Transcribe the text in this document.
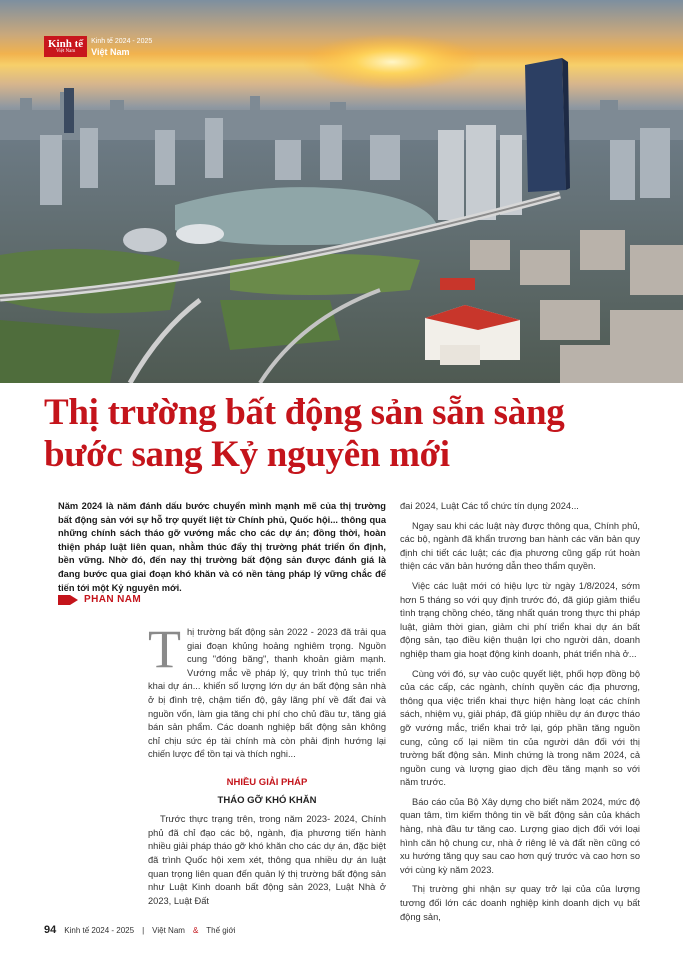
Kinh tế
Việt Nam
Kinh tế 2024 - 2025
Việt Nam
Thị trường bất động sản sẵn sàng
bước sang Kỷ nguyên mới

Năm 2024 là năm đánh dấu bước chuyển mình mạnh mẽ của thị trường bất động sản với sự hỗ trợ quyết liệt từ Chính phủ, Quốc hội... thông qua những chính sách tháo gỡ vướng mắc cho các dự án; đồng thời, hoàn thiện pháp luật liên quan, nhằm thúc đẩy thị trường phát triển ổn định, bền vững. Nhờ đó, đến nay thị trường bất động sản được đánh giá là đang bước qua giai đoạn khó khăn và có nền tảng pháp lý vững chắc để tiến tới một Kỷ nguyên mới.

PHAN NAM

Thị trường bất động sản 2022 - 2023 đã trải qua giai đoạn khủng hoảng nghiêm trọng. Nguồn cung "đóng băng", thanh khoản giảm mạnh. Vướng mắc về pháp lý, quy trình thủ tục triển khai dự án... khiến số lượng lớn dự án bất động sản nhà ở bị đình trệ, chậm tiến độ, gây lãng phí về đất đai và nguồn vốn, làm gia tăng chi phí cho chủ đầu tư, tăng giá bán sản phẩm. Các doanh nghiệp bất động sản không chỉ chịu sức ép tài chính mà còn phải định hướng lại chiến lược để tồn tại và thích nghi...

NHIỀU GIẢI PHÁP
THÁO GỠ KHÓ KHĂN

Trước thực trạng trên, trong năm 2023- 2024, Chính phủ đã chỉ đạo các bộ, ngành, địa phương tiến hành nhiều giải pháp tháo gỡ khó khăn cho các dự án, đặc biệt đã trình Quốc hội xem xét, thông qua nhiều dự án luật quan trọng liên quan đến quản lý thị trường bất động sản như Luật Kinh doanh bất động sản 2023, Luật Nhà ở 2023, Luật Đất

đai 2024, Luật Các tổ chức tín dụng 2024...

Ngay sau khi các luật này được thông qua, Chính phủ, các bộ, ngành đã khẩn trương ban hành các văn bản quy định chi tiết các luật; các địa phương cũng gấp rút hoàn thiện các văn bản hướng dẫn theo thẩm quyền.

Việc các luật mới có hiệu lực từ ngày 1/8/2024, sớm hơn 5 tháng so với quy định trước đó, đã giúp giảm thiểu tình trạng chồng chéo, tăng nhất quán trong thực thi pháp luật, giảm thời gian, giảm chi phí triển khai dự án bất động sản, tạo điều kiện thuận lợi cho người dân, doanh nghiệp tham gia hoạt động kinh doanh, phát triển nhà ở...

Cùng với đó, sự vào cuộc quyết liệt, phối hợp đồng bộ của các cấp, các ngành, chính quyền các địa phương, thông qua việc triển khai thực hiện hàng loạt các chính sách, nhiệm vụ, giải pháp, đã giúp nhiều dự án được tháo gỡ vướng mắc, triển khai trở lại, góp phần tăng nguồn cung, củng cố lại niềm tin của người dân đối với thị trường bất động sản. Minh chứng là trong năm 2024, cả nguồn cung và lượng giao dịch đều tăng mạnh so với năm trước.

Báo cáo của Bộ Xây dựng cho biết năm 2024, mức độ quan tâm, tìm kiếm thông tin về bất động sản của khách hàng, nhà đầu tư tăng cao. Lượng giao dịch đối với loại hình căn hộ chung cư, nhà ở riêng lẻ và đất nền cũng có xu hướng tăng quy sau cao hơn quý trước và cao hơn so với cùng kỳ năm 2023.

Thị trường ghi nhận sự quay trở lại của của lượng tương đối lớn các doanh nghiệp kinh doanh dịch vụ bất động sản,

94 Kinh tế 2024 - 2025 | Việt Nam & Thế giới
